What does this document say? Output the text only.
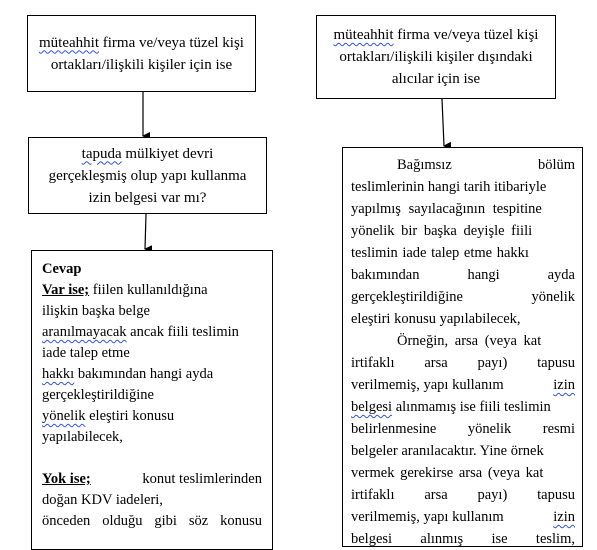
müteahhit firma ve/veya tüzel kişi
ortakları/ilişkili kişiler için ise
müteahhit firma ve/veya tüzel kişi
ortakları/ilişkili kişiler dışındaki
alıcılar için ise
tapuda mülkiyet devri
gerçekleşmiş olup yapı kullanma
izin belgesi var mı?
Cevap
Var ise; fiilen kullanıldığına
ilişkin başka belge
aranılmayacak ancak fiili teslimin
iade talep etme
hakkı bakımından hangi ayda
gerçekleştirildiğine
yönelik eleştiri konusu
yapılabilecek,
Yok ise;	konut teslimlerinden
doğan KDV iadeleri,
önceden olduğu gibi söz konusu
Bağımsız	bölüm
teslimlerinin hangi tarih itibariyle
yapılmış sayılacağının tespitine
yönelik bir başka deyişle fiili
teslimin iade talep etme hakkı
bakımından	hangi	ayda
gerçekleştirildiğine	yönelik
eleştiri konusu yapılabilecek,
Örneğin, arsa (veya kat
irtifaklı arsa payı) tapusu
verilmemiş, yapı kullanım	izin
belgesi alınmamış ise fiili teslimin
belirlenmesine yönelik resmi
belgeler aranılacaktır. Yine örnek
vermek gerekirse arsa (veya kat
irtifaklı arsa payı) tapusu
verilmemiş, yapı kullanım	izin
belgesi alınmış ise teslim,
